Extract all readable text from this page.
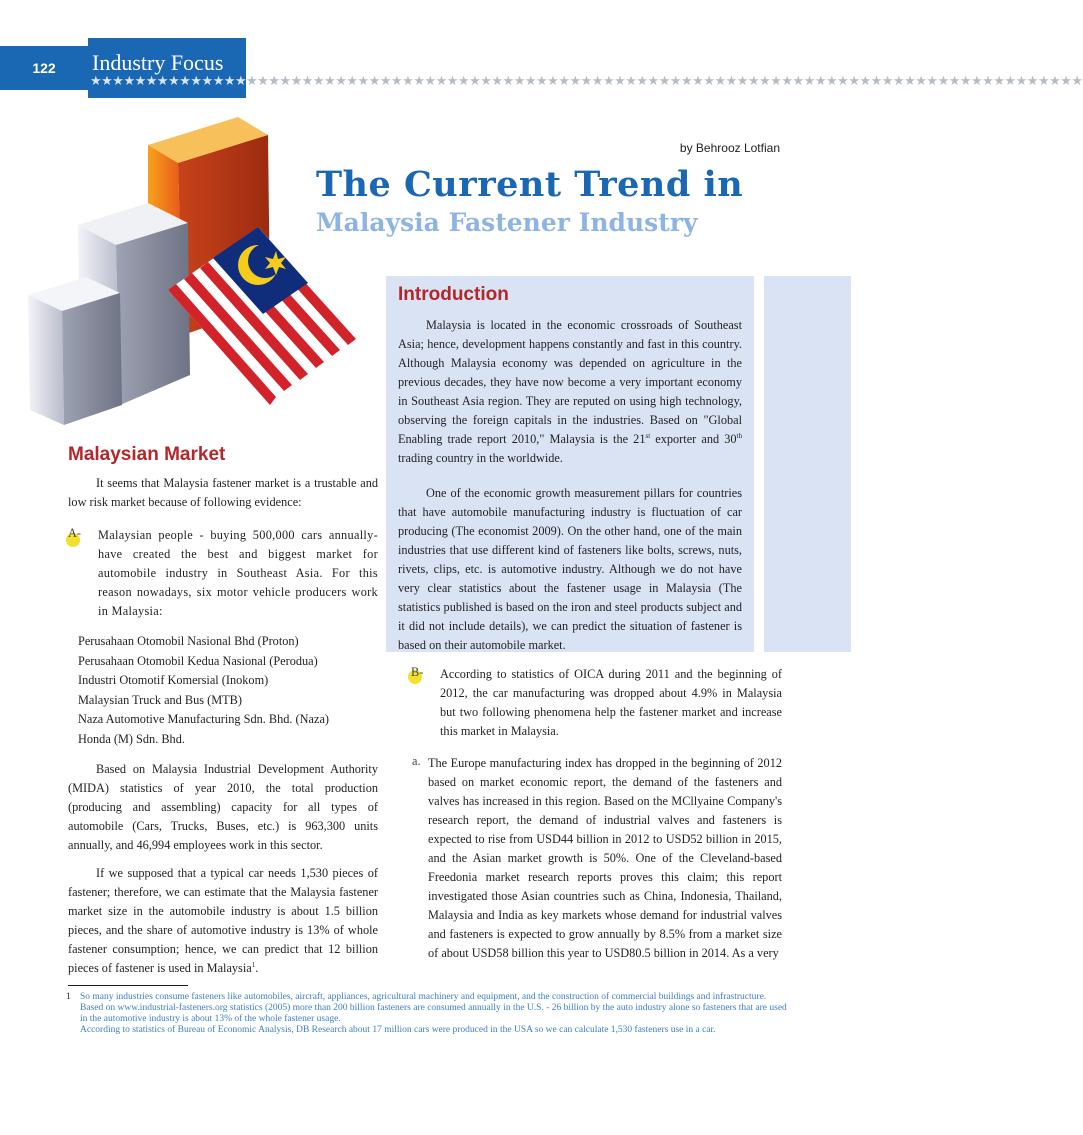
122	Industry Focus
★★★★★★★★★★★★★★★★★★★
★★★★★★★★★★★★★★★★★★★★★★★★★★★★★★★★★★★★★★★★★★★★★★★★★★★★★★★★★★★★★★★★★★★★★★★★★★★
by Behrooz Lotfian
The Current Trend in
Malaysia Fastener Industry
Introduction

Malaysia is located in the economic crossroads of Southeast Asia; hence, development happens constantly and fast in this country. Although Malaysia economy was depended on agriculture in the previous decades, they have now become a very important economy in Southeast Asia region. They are reputed on using high technology, observing the foreign capitals in the industries. Based on "Global Enabling trade report 2010," Malaysia is the 21st exporter and 30th trading country in the worldwide.

One of the economic growth measurement pillars for countries that have automobile manufacturing industry is fluctuation of car producing (The economist 2009). On the other hand, one of the main industries that use different kind of fasteners like bolts, screws, nuts, rivets, clips, etc. is automotive industry. Although we do not have very clear statistics about the fastener usage in Malaysia (The statistics published is based on the iron and steel products subject and it did not include details), we can predict the situation of fastener is based on their automobile market.

Malaysian Market

It seems that Malaysia fastener market is a trustable and low risk market because of following evidence:

A- Malaysian people - buying 500,000 cars annually- have created the best and biggest market for automobile industry in Southeast Asia. For this reason nowadays, six motor vehicle producers work in Malaysia:
Perusahaan Otomobil Nasional Bhd (Proton)
Perusahaan Otomobil Kedua Nasional (Perodua)
Industri Otomotif Komersial (Inokom)
Malaysian Truck and Bus (MTB)
Naza Automotive Manufacturing Sdn. Bhd. (Naza)
Honda (M) Sdn. Bhd.

Based on Malaysia Industrial Development Authority (MIDA) statistics of year 2010, the total production (producing and assembling) capacity for all types of automobile (Cars, Trucks, Buses, etc.) is 963,300 units annually, and 46,994 employees work in this sector.

If we supposed that a typical car needs 1,530 pieces of fastener; therefore, we can estimate that the Malaysia fastener market size in the automobile industry is about 1.5 billion pieces, and the share of automotive industry is 13% of whole fastener consumption; hence, we can predict that 12 billion pieces of fastener is used in Malaysia$^1$.

B- According to statistics of OICA during 2011 and the beginning of 2012, the car manufacturing was dropped about 4.9% in Malaysia but two following phenomena help the fastener market and increase this market in Malaysia.
a. The Europe manufacturing index has dropped in the beginning of 2012 based on market economic report, the demand of the fasteners and valves has increased in this region. Based on the MCllyaine Company's research report, the demand of industrial valves and fasteners is expected to rise from USD44 billion in 2012 to USD52 billion in 2015, and the Asian market growth is 50%. One of the Cleveland-based Freedonia market research reports proves this claim; this report investigated those Asian countries such as China, Indonesia, Thailand, Malaysia and India as key markets whose demand for industrial valves and fasteners is expected to grow annually by 8.5% from a market size of about USD58 billion this year to USD80.5 billion in 2014. As a very
1 So many industries consume fasteners like automobiles, aircraft, appliances, agricultural machinery and equipment, and the construction of commercial buildings and infrastructure. Based on www.industrial-fasteners.org statistics (2005) more than 200 billion fasteners are consumed annually in the U.S. - 26 billion by the auto industry alone so fasteners that are used in the automotive industry is about 13% of the whole fastener usage.
According to statistics of Bureau of Economic Analysis, DB Research about 17 million cars were produced in the USA so we can calculate 1,530 fasteners use in a car.
